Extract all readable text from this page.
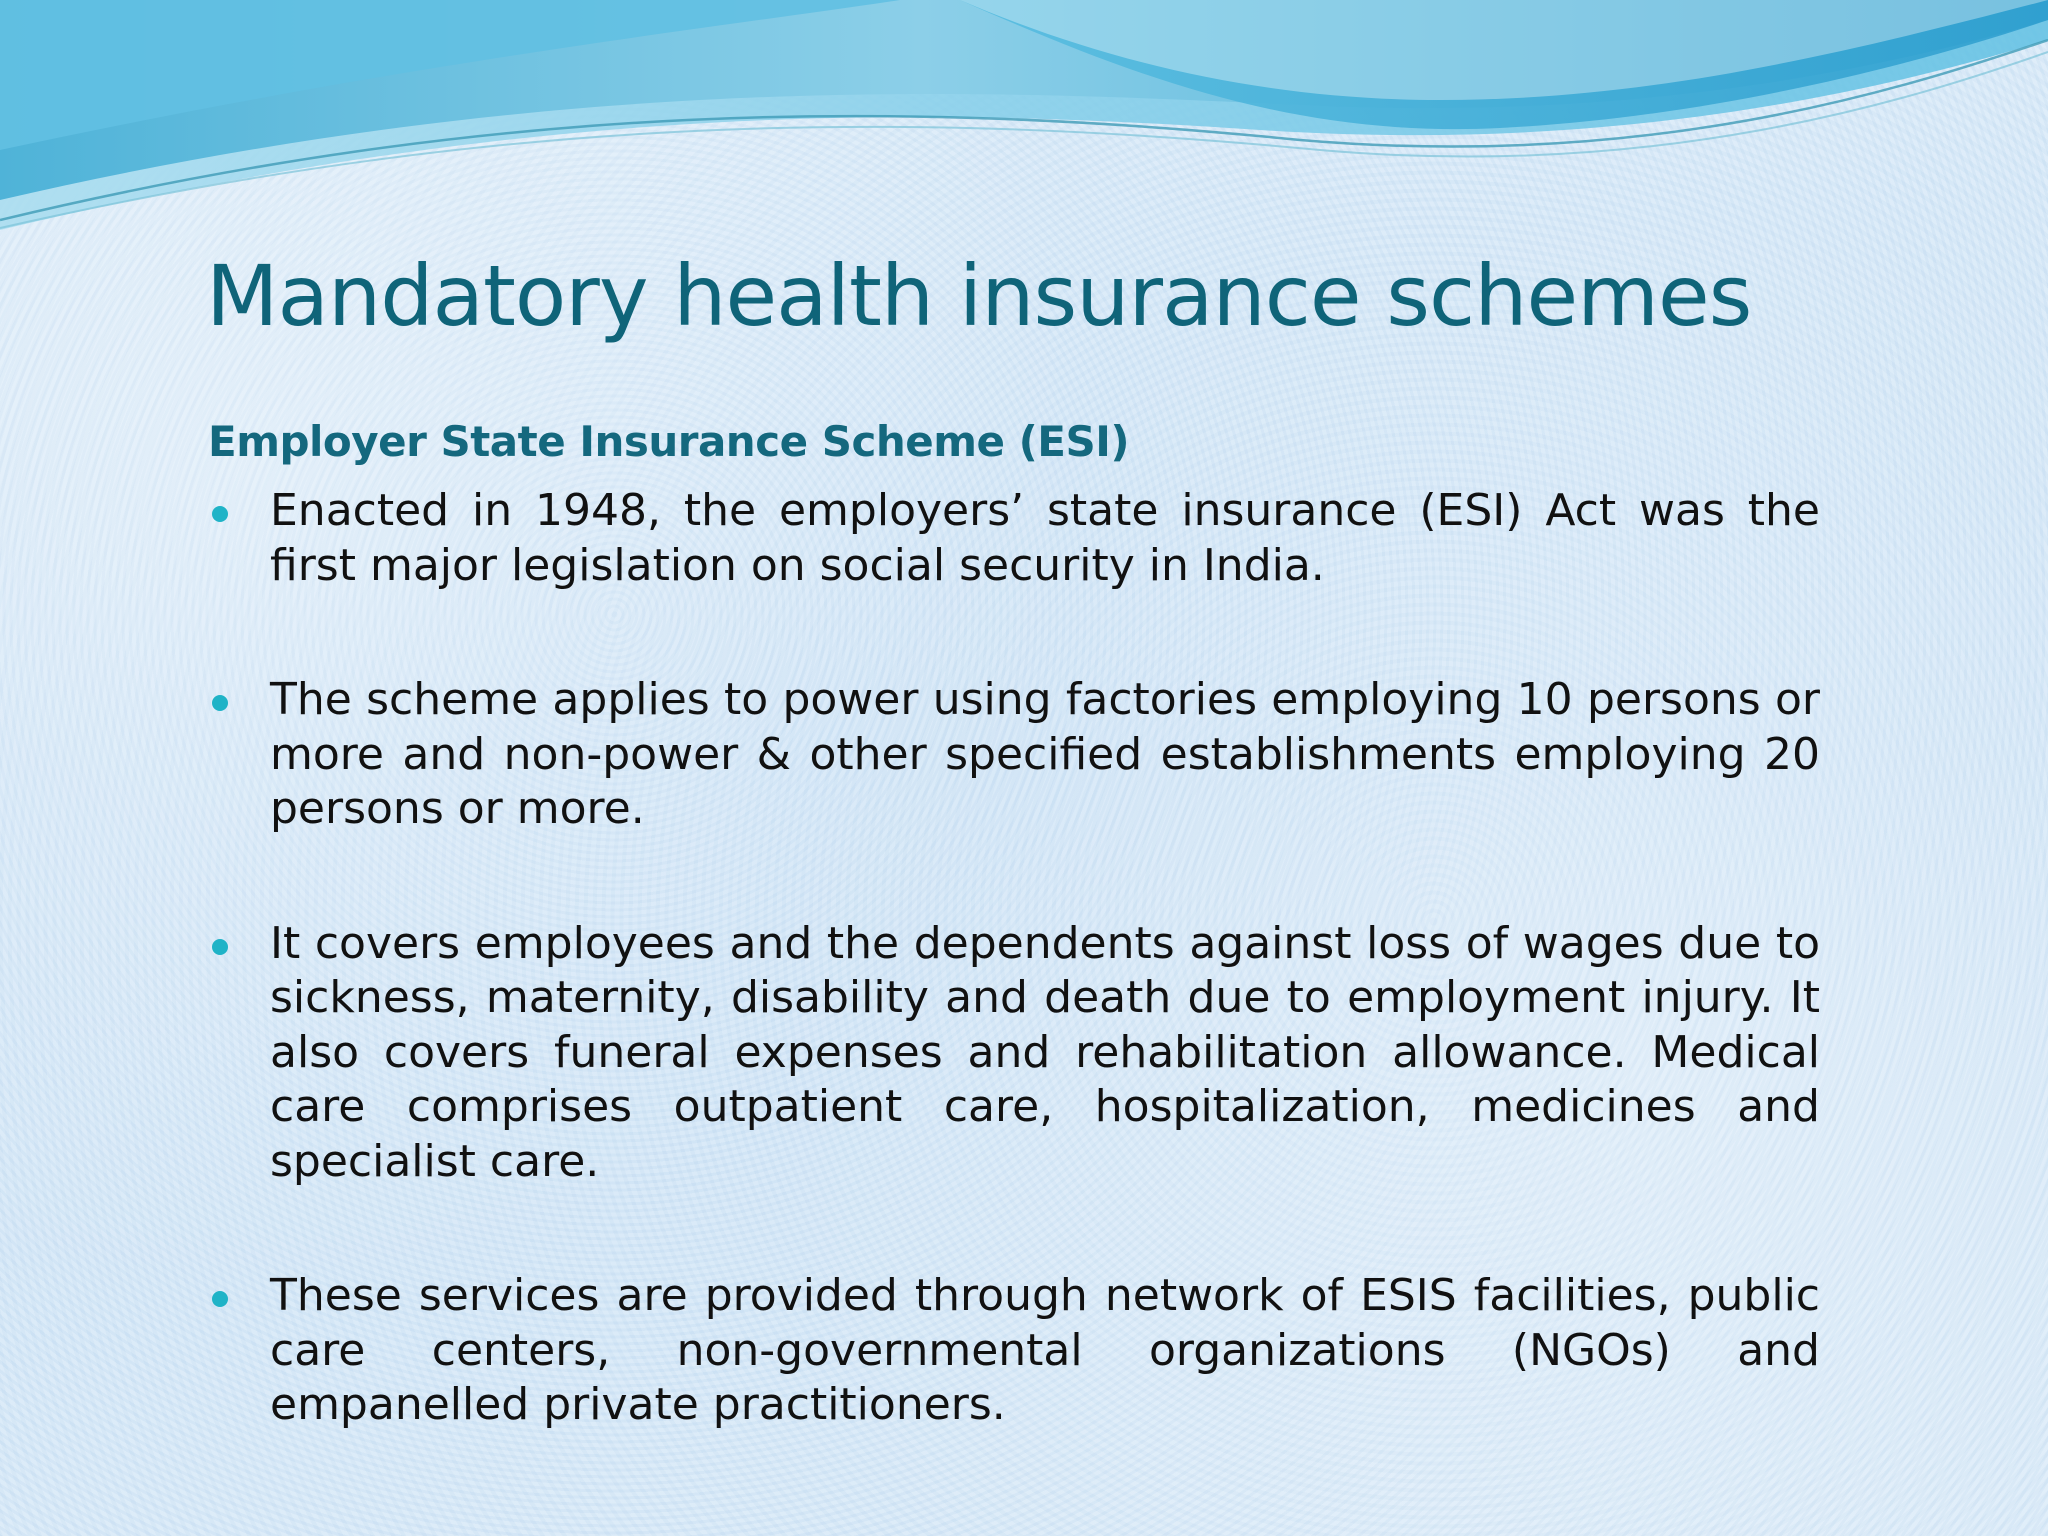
Mandatory health insurance schemes
Employer State Insurance Scheme (ESI)
Enacted in 1948, the employers’ state insurance (ESI) Act was the first major legislation on social security in India.
The scheme applies to power using factories employing 10 persons or more and non-power & other specified establishments employing 20 persons or more.
It covers employees and the dependents against loss of wages due to sickness, maternity, disability and death due to employment injury. It also covers funeral expenses and rehabilitation allowance. Medical care comprises outpatient care, hospitalization, medicines and specialist care.
These services are provided through network of ESIS facilities, public care centers, non-governmental organizations (NGOs) and empanelled private practitioners.
